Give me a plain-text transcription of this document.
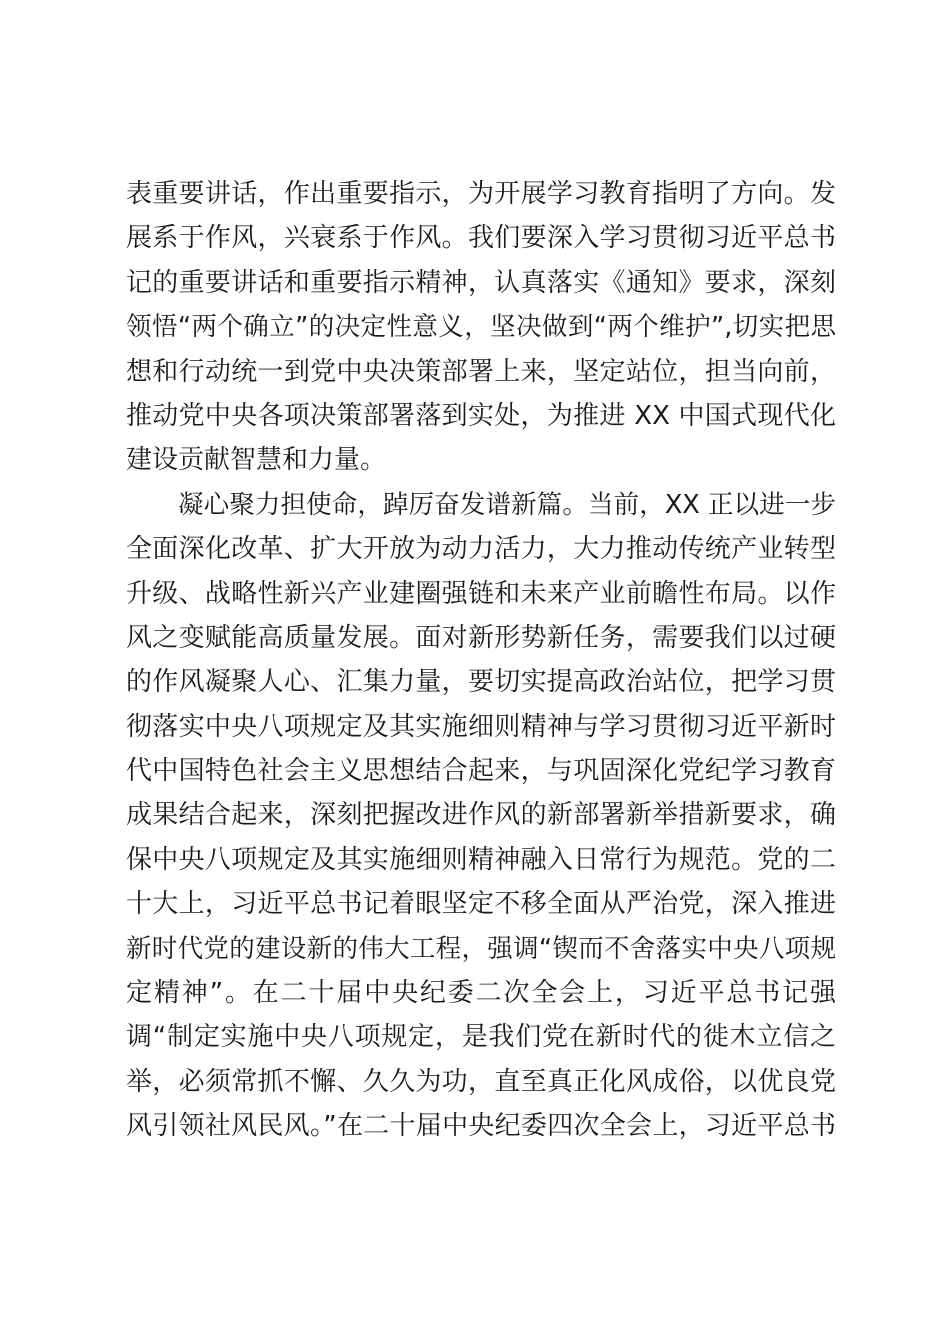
表重要讲话，作出重要指示，为开展学习教育指明了方向。发
展系于作风，兴衰系于作风。我们要深入学习贯彻习近平总书
记的重要讲话和重要指示精神，认真落实《通知》要求，深刻
领悟“两个确立”的决定性意义，坚决做到“两个维护”,切实把思
想和行动统一到党中央决策部署上来，坚定站位，担当向前，
推动党中央各项决策部署落到实处，为推进 XX 中国式现代化
建设贡献智慧和力量。
凝心聚力担使命，踔厉奋发谱新篇。当前，XX 正以进一步
全面深化改革、扩大开放为动力活力，大力推动传统产业转型
升级、战略性新兴产业建圈强链和未来产业前瞻性布局。以作
风之变赋能高质量发展。面对新形势新任务，需要我们以过硬
的作风凝聚人心、汇集力量，要切实提高政治站位，把学习贯
彻落实中央八项规定及其实施细则精神与学习贯彻习近平新时
代中国特色社会主义思想结合起来，与巩固深化党纪学习教育
成果结合起来，深刻把握改进作风的新部署新举措新要求，确
保中央八项规定及其实施细则精神融入日常行为规范。党的二
十大上，习近平总书记着眼坚定不移全面从严治党，深入推进
新时代党的建设新的伟大工程，强调“锲而不舍落实中央八项规
定精神”。在二十届中央纪委二次全会上，习近平总书记强
调“制定实施中央八项规定，是我们党在新时代的徙木立信之
举，必须常抓不懈、久久为功，直至真正化风成俗，以优良党
风引领社风民风。”在二十届中央纪委四次全会上，习近平总书
